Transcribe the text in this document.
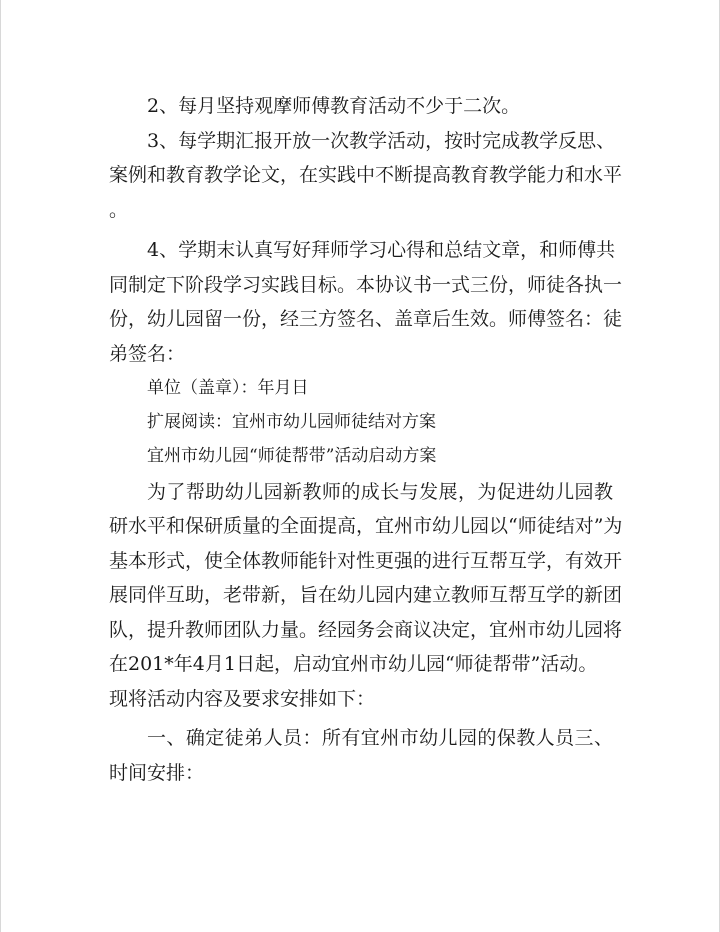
2、每月坚持观摩师傅教育活动不少于二次。
3、每学期汇报开放一次教学活动，按时完成教学反思、
案例和教育教学论文，在实践中不断提高教育教学能力和水平
。
4、学期末认真写好拜师学习心得和总结文章，和师傅共
同制定下阶段学习实践目标。本协议书一式三份，师徒各执一
份，幼儿园留一份，经三方签名、盖章后生效。师傅签名：徒
弟签名：
单位（盖章）：年月日
扩展阅读：宜州市幼儿园师徒结对方案
宜州市幼儿园“师徒帮带”活动启动方案
为了帮助幼儿园新教师的成长与发展，为促进幼儿园教
研水平和保研质量的全面提高，宜州市幼儿园以“师徒结对”为
基本形式，使全体教师能针对性更强的进行互帮互学，有效开
展同伴互助，老带新，旨在幼儿园内建立教师互帮互学的新团
队，提升教师团队力量。经园务会商议决定，宜州市幼儿园将
在201*年4月1日起，启动宜州市幼儿园“师徒帮带”活动。
现将活动内容及要求安排如下：
一、确定徒弟人员：所有宜州市幼儿园的保教人员三、
时间安排：
